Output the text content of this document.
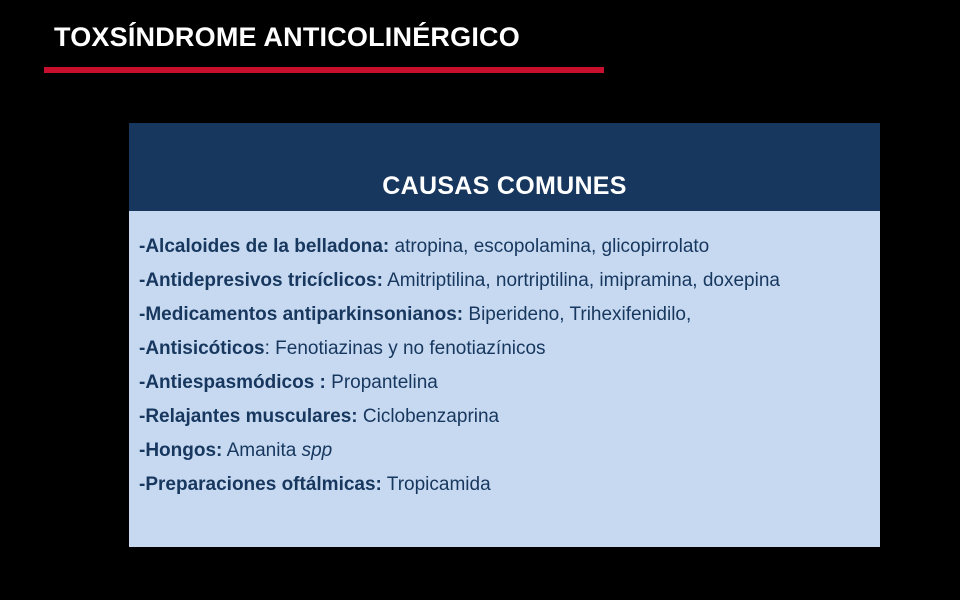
TOXSÍNDROME ANTICOLINÉRGICO
CAUSAS COMUNES
-Alcaloides de la belladona: atropina, escopolamina, glicopirrolato
-Antidepresivos tricíclicos: Amitriptilina, nortriptilina, imipramina, doxepina
-Medicamentos antiparkinsonianos: Biperideno, Trihexifenidilo,
-Antisicóticos: Fenotiazinas y no fenotiazínicos
-Antiespasmódicos : Propantelina
-Relajantes musculares: Ciclobenzaprina
-Hongos: Amanita spp
-Preparaciones oftálmicas: Tropicamida
